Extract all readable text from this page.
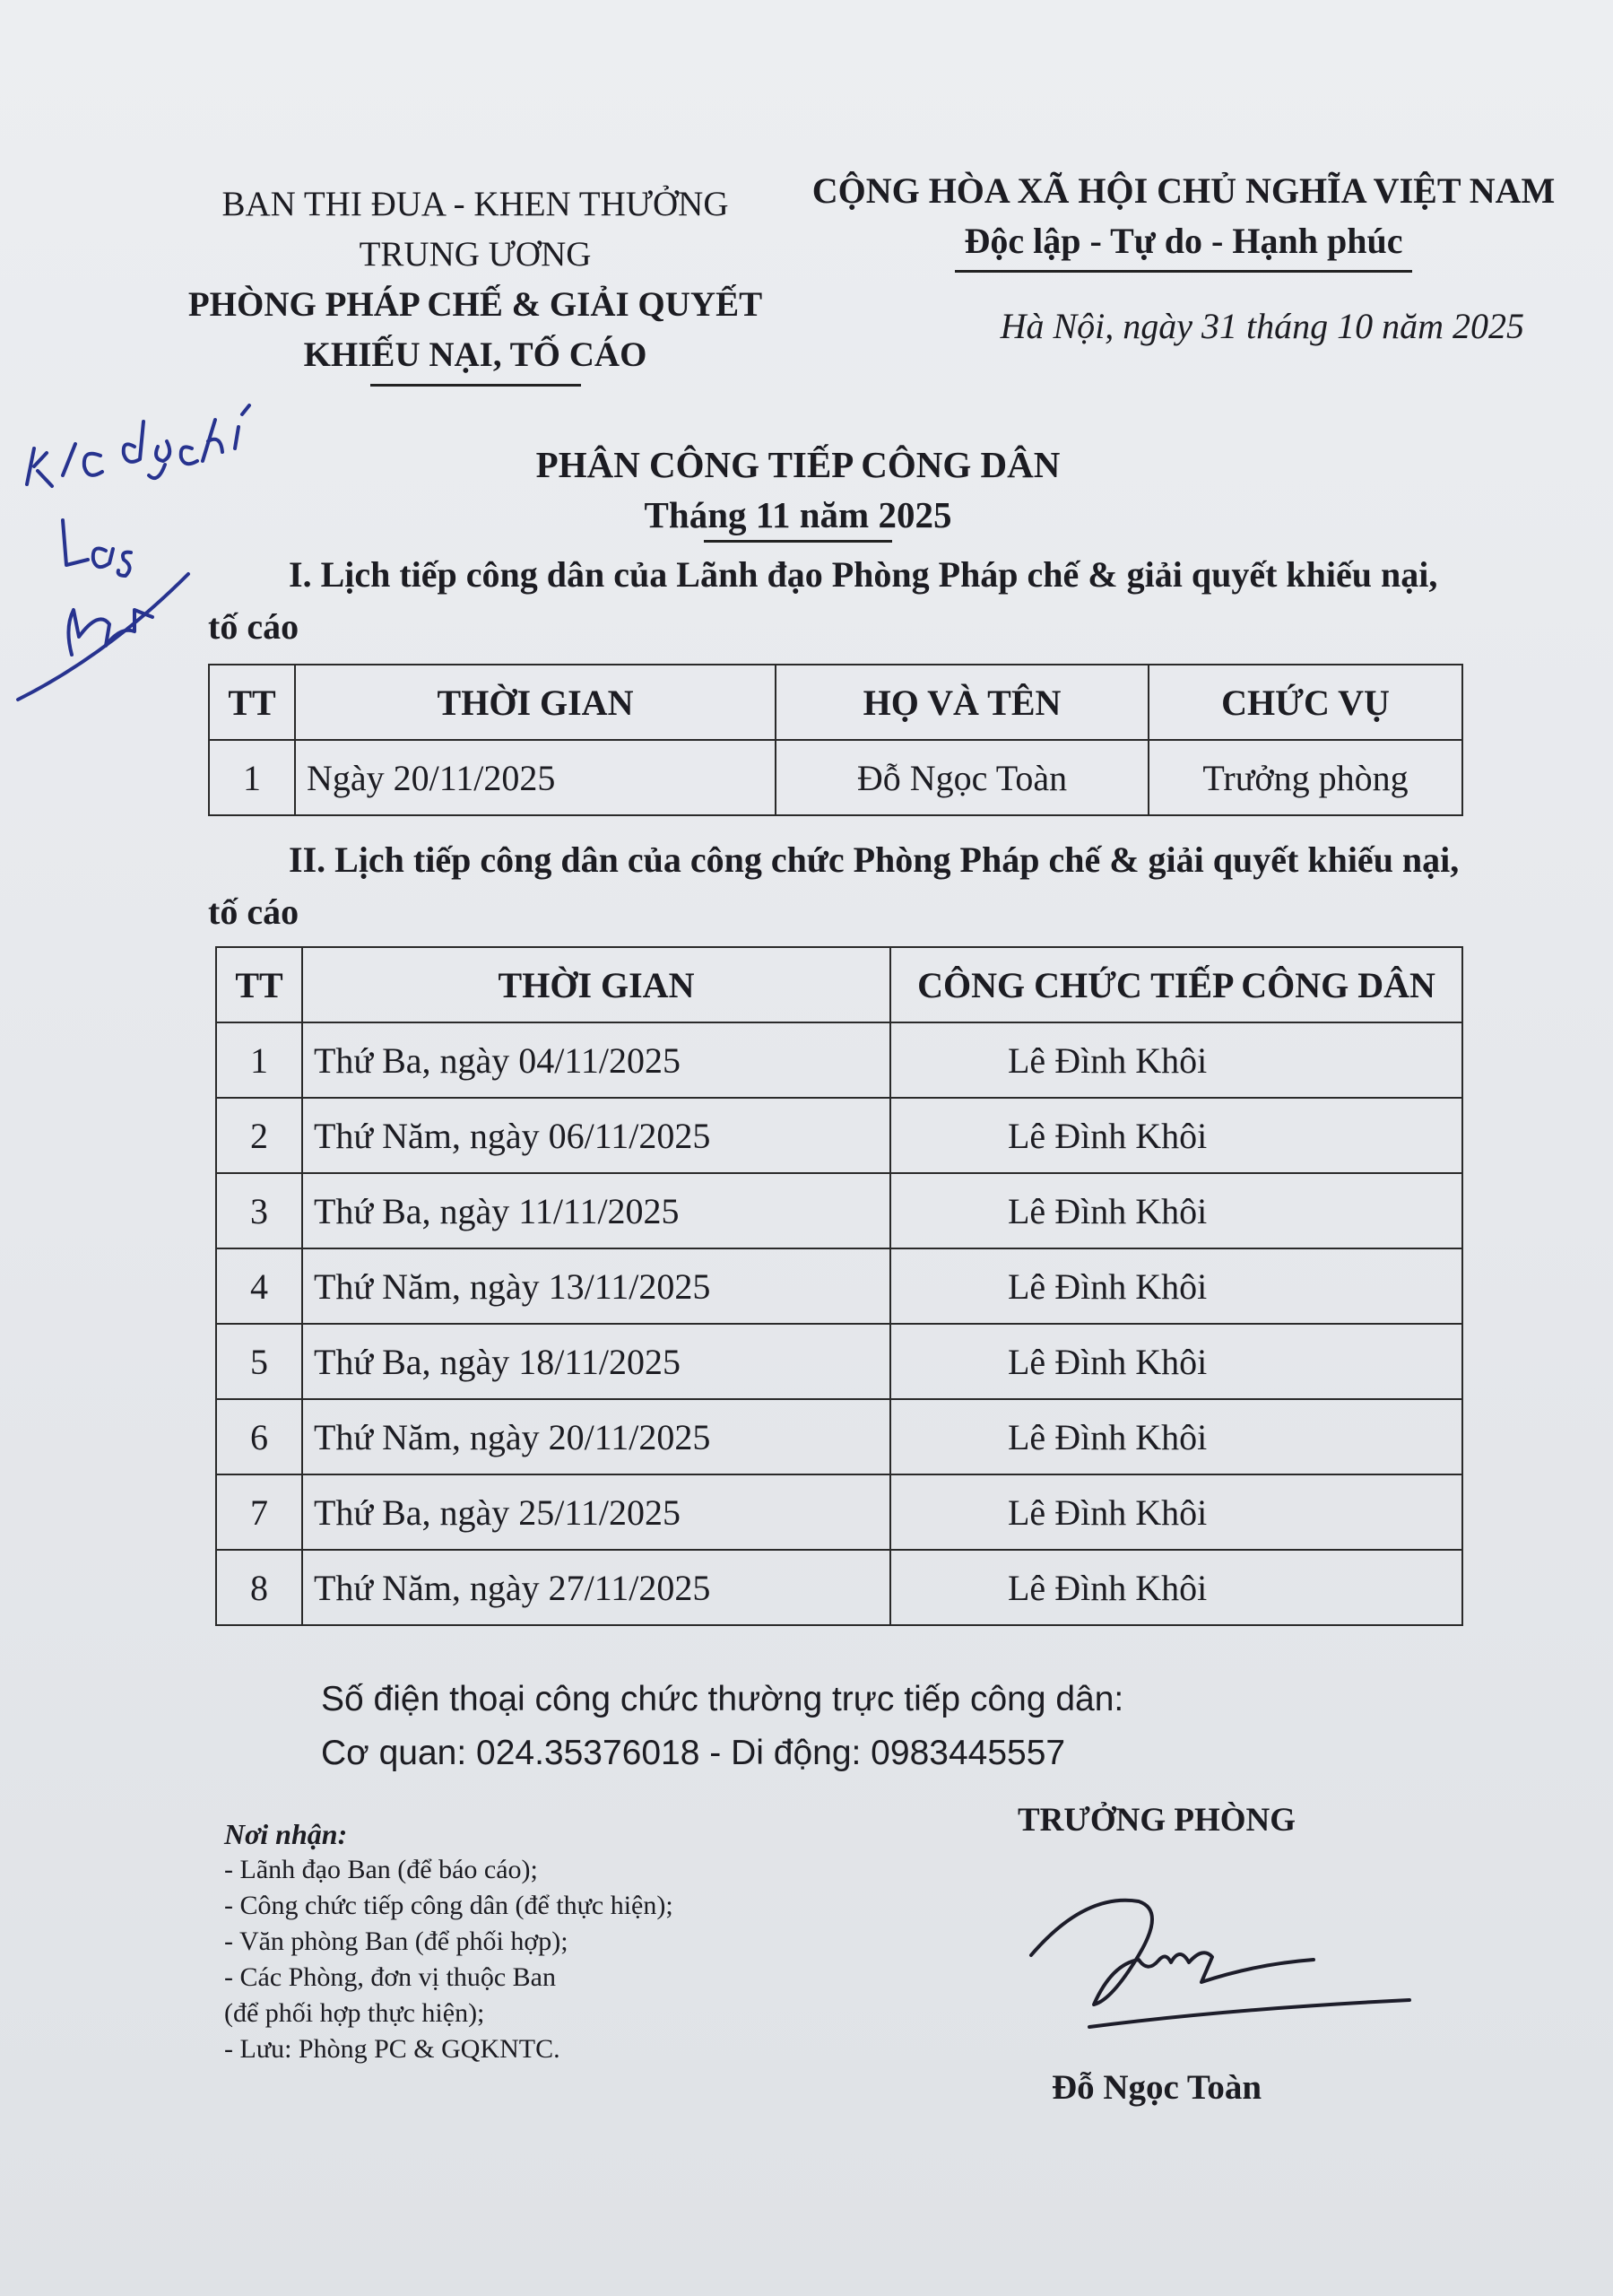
BAN THI ĐUA - KHEN THƯỞNG
TRUNG ƯƠNG
PHÒNG PHÁP CHẾ & GIẢI QUYẾT
KHIẾU NẠI, TỐ CÁO
CỘNG HÒA XÃ HỘI CHỦ NGHĨA VIỆT NAM
Độc lập - Tự do - Hạnh phúc
Hà Nội, ngày 31 tháng 10 năm 2025
PHÂN CÔNG TIẾP CÔNG DÂN
Tháng 11 năm 2025
I. Lịch tiếp công dân của Lãnh đạo Phòng Pháp chế & giải quyết khiếu nại, tố cáo
TT	THỜI GIAN	HỌ VÀ TÊN	CHỨC VỤ
1	Ngày 20/11/2025	Đỗ Ngọc Toàn	Trưởng phòng
II. Lịch tiếp công dân của công chức Phòng Pháp chế & giải quyết khiếu nại, tố cáo
TT	THỜI GIAN	CÔNG CHỨC TIẾP CÔNG DÂN
1	Thứ Ba, ngày 04/11/2025	Lê Đình Khôi
2	Thứ Năm, ngày 06/11/2025	Lê Đình Khôi
3	Thứ Ba, ngày 11/11/2025	Lê Đình Khôi
4	Thứ Năm, ngày 13/11/2025	Lê Đình Khôi
5	Thứ Ba, ngày 18/11/2025	Lê Đình Khôi
6	Thứ Năm, ngày 20/11/2025	Lê Đình Khôi
7	Thứ Ba, ngày 25/11/2025	Lê Đình Khôi
8	Thứ Năm, ngày 27/11/2025	Lê Đình Khôi
Số điện thoại công chức thường trực tiếp công dân:
Cơ quan: 024.35376018 - Di động: 0983445557
Nơi nhận:
- Lãnh đạo Ban (để báo cáo);
- Công chức tiếp công dân (để thực hiện);
- Văn phòng Ban (để phối hợp);
- Các Phòng, đơn vị thuộc Ban
(để phối hợp thực hiện);
- Lưu: Phòng PC & GQKNTC.
TRƯỞNG PHÒNG
Đỗ Ngọc Toàn
